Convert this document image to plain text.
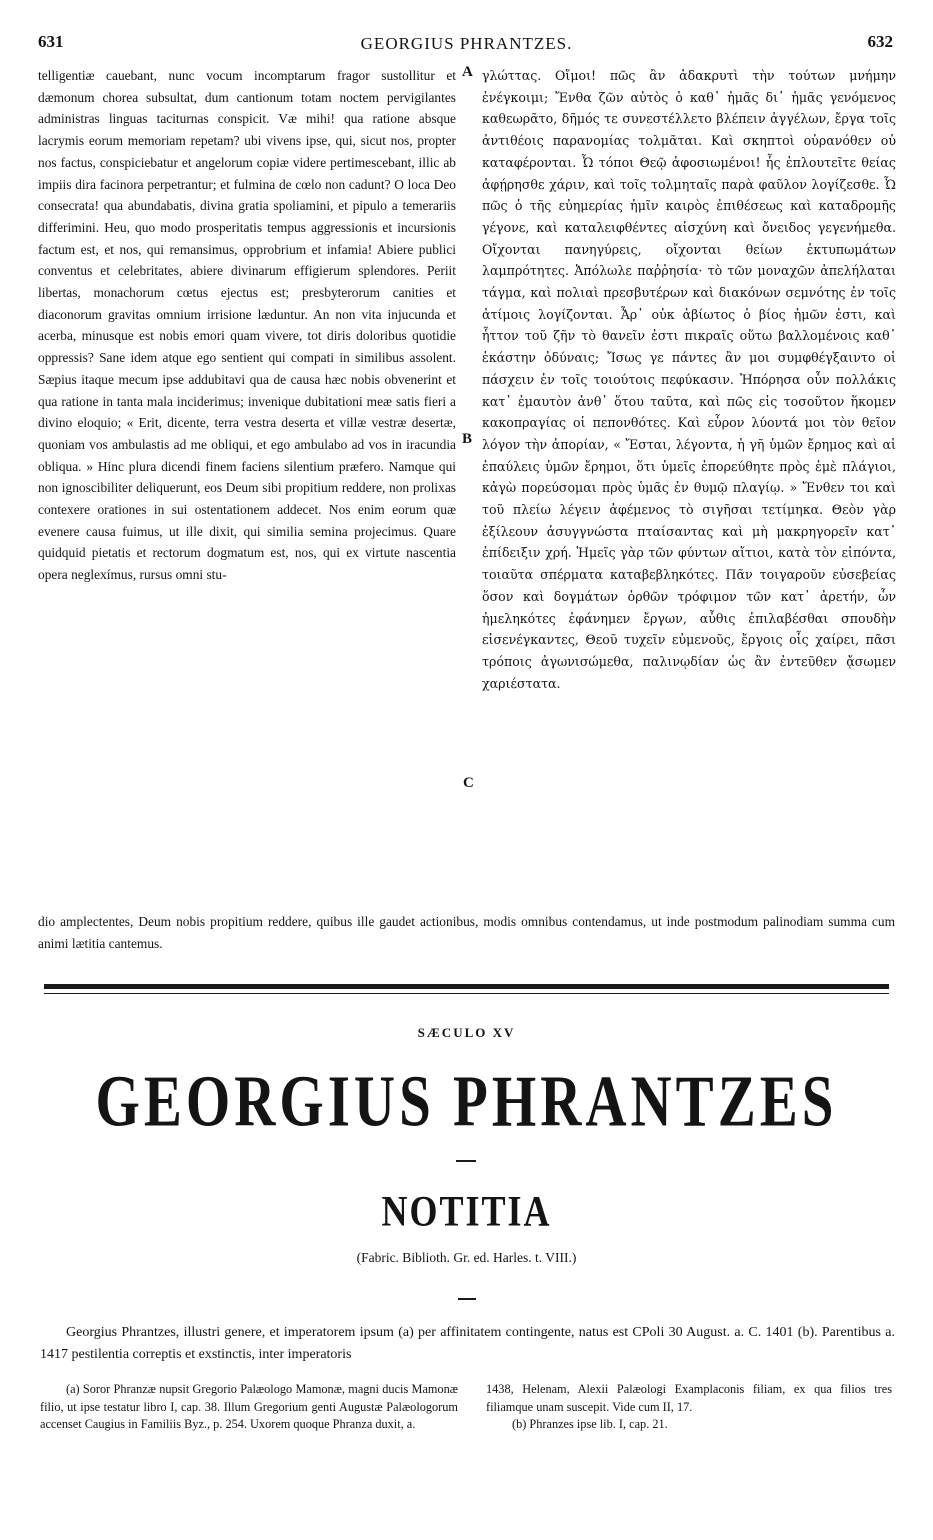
631	GEORGIUS PHRANTZES.	632

telligentiæ cauebant, nunc vocum incomptarum fragor sustollitur et dæmonum chorea subsultat, dum cantionum totam noctem pervigilantes administras linguas taciturnas conspicit. Væ mihi! qua ratione absque lacrymis eorum memoriam repetam? ubi vivens ipse, qui, sicut nos, propter nos factus, conspiciebatur et angelorum copiæ videre pertimescebant, illic ab impiis dira facinora perpetrantur; et fulmina de cœlo non cadunt? O loca Deo consecrata! qua abundabatis, divina gratia spoliamini, et pipulo a temerariis differimini. Heu, quo modo prosperitatis tempus aggressionis et incursionis factum est, et nos, qui remansimus, opprobrium et infamia! Abiere publici conventus et celebritates, abiere divinarum effigierum splendores. Periit libertas, monachorum cœtus ejectus est; presbyterorum canities et diaconorum gravitas omnium irrisione læduntur. An non vita injucunda et acerba, minusque est nobis emori quam vivere, tot diris doloribus quotidie oppressis? Sane idem atque ego sentient qui compati in similibus assolent. Sæpius itaque mecum ipse addubitavi qua de causa hæc nobis obvenerint et qua ratione in tanta mala inciderimus; invenique dubitationi meæ satis fieri a divino eloquio; « Erit, dicente, terra vestra deserta et villæ vestræ desertæ, quoniam vos ambulastis ad me obliqui, et ego ambulabo ad vos in iracundia obliqua. » Hinc plura dicendi finem faciens silentium præfero. Namque qui non ignoscibiliter deliquerunt, eos Deum sibi propitium reddere, non prolixas contexere orationes in sui ostentationem addecet. Nos enim eorum quæ evenere causa fuimus, ut ille dixit, qui similia semina projecimus. Quare quidquid pietatis et rectorum dogmatum est, nos, qui ex virtute nascentia opera neglexímus, rursus omni stu-

A
B
C

γλώττας. Οἴμοι! πῶς ἂν ἀδακρυτὶ τὴν τούτων μνήμην ἐνέγκοιμι; Ἔνθα ζῶν αὐτὸς ὁ καθ᾽ ἡμᾶς δι᾽ ἡμᾶς γενόμενος καθεωρᾶτο, δῆμός τε συνεστέλλετο βλέπειν ἀγγέλων, ἔργα τοῖς ἀντιθέοις παρανομίας τολμᾶται. Καὶ σκηπτοὶ οὐρανόθεν οὐ καταφέρονται. Ὦ τόποι Θεῷ ἀφοσιωμένοι! ἧς ἐπλουτεῖτε θείας ἀφῄρησθε χάριν, καὶ τοῖς τολμηταῖς παρὰ φαῦλον λογίζεσθε. Ὦ πῶς ὁ τῆς εὐημερίας ἡμῖν καιρὸς ἐπιθέσεως καὶ καταδρομῆς γέγονε, καὶ καταλειφθέντες αἰσχύνη καὶ ὄνειδος γεγενήμεθα. Οἴχονται πανηγύρεις, οἴχονται θείων ἐκτυπωμάτων λαμπρότητες. Ἀπόλωλε παῤῥησία· τὸ τῶν μοναχῶν ἀπελήλαται τάγμα, καὶ πολιαὶ πρεσβυτέρων καὶ διακόνων σεμνότης ἐν τοῖς ἀτίμοις λογίζονται. Ἆρ᾽ οὐκ ἀβίωτος ὁ βίος ἡμῶν ἐστι, καὶ ἧττον τοῦ ζῆν τὸ θανεῖν ἐστι πικραῖς οὕτω βαλλομένοις καθ᾽ ἑκάστην ὀδύναις; Ἴσως γε πάντες ἂν μοι συμφθέγξαιντο οἱ πάσχειν ἐν τοῖς τοιούτοις πεφύκασιν. Ἠπόρησα οὖν πολλάκις κατ᾽ ἐμαυτὸν ἀνθ᾽ ὅτου ταῦτα, καὶ πῶς εἰς τοσοῦτον ἥκομεν κακοπραγίας οἱ πεπονθότες. Καὶ εὗρον λύοντά μοι τὸν θεῖον λόγον τὴν ἀπορίαν, « Ἔσται, λέγοντα, ἡ γῆ ὑμῶν ἔρημος καὶ αἱ ἐπαύλεις ὑμῶν ἔρημοι, ὅτι ὑμεῖς ἐπορεύθητε πρὸς ἐμὲ πλάγιοι, κἀγὼ πορεύσομαι πρὸς ὑμᾶς ἐν θυμῷ πλαγίῳ. » Ἔνθεν τοι καὶ τοῦ πλείω λέγειν ἀφέμενος τὸ σιγῆσαι τετίμηκα. Θεὸν γὰρ ἐξίλεουν ἀσυγγνώστα πταίσαντας καὶ μὴ μακρηγορεῖν κατ᾽ ἐπίδειξιν χρή. Ἡμεῖς γὰρ τῶν φύντων αἴτιοι, κατὰ τὸν εἰπόντα, τοιαῦτα σπέρματα καταβεβληκότες. Πᾶν τοιγαροῦν εὐσεβείας ὅσον καὶ δογμάτων ὀρθῶν τρόφιμον τῶν κατ᾽ ἀρετήν, ὧν ἠμεληκότες ἐφάνημεν ἔργων, αὖθις ἐπιλαβέσθαι σπουδὴν εἰσενέγκαντες, Θεοῦ τυχεῖν εὐμενοῦς, ἔργοις οἷς χαίρει, πᾶσι τρόποις ἀγωνισώμεθα, παλινῳδίαν ὡς ἂν ἐντεῦθεν ᾄσωμεν χαριέστατα.

dio amplectentes, Deum nobis propitium reddere, quibus ille gaudet actionibus, modis omnibus contendamus, ut inde postmodum palinodiam summa cum animi lætitia cantemus.

SÆCULO XV
GEORGIUS PHRANTZES
NOTITIA
(Fabric. Biblioth. Gr. ed. Harles. t. VIII.)
Georgius Phrantzes, illustri genere, et imperatorem ipsum (a) per affinitatem contingente, natus est CPoli 30 August. a. C. 1401 (b). Parentibus a. 1417 pestilentia correptis et exstinctis, inter imperatoris

(a) Soror Phranzæ nupsit Gregorio Palæologo Mamonæ, magni ducis Mamonæ filio, ut ipse testatur libro I, cap. 38. Illum Gregorium genti Augustæ Palæologorum accenset Caugius in Familiis Byz., p. 254. Uxorem quoque Phranza duxit, a.

1438, Helenam, Alexii Palæologi Examplaconis filiam, ex qua filios tres filiamque unam suscepit. Vide cum II, 17.

(b) Phranzes ipse lib. I, cap. 21.
